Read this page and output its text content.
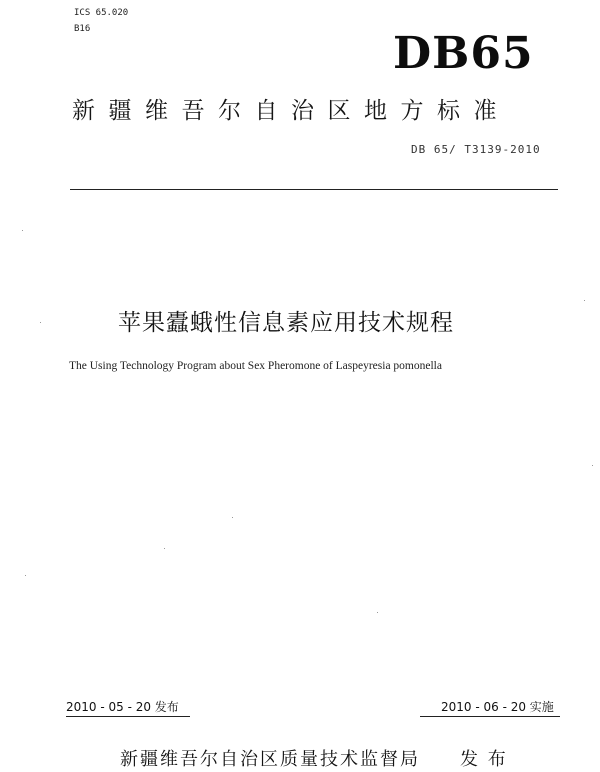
ICS 65.020
B16	DB65
新疆维吾尔自治区地方标准
DB 65/ T3139-2010
苹果蠹蛾性信息素应用技术规程
The Using Technology Program about Sex Pheromone of Laspeyresia pomonella
2010 - 05 - 20 发布	2010 - 06 - 20 实施
新疆维吾尔自治区质量技术监督局　　发 布
